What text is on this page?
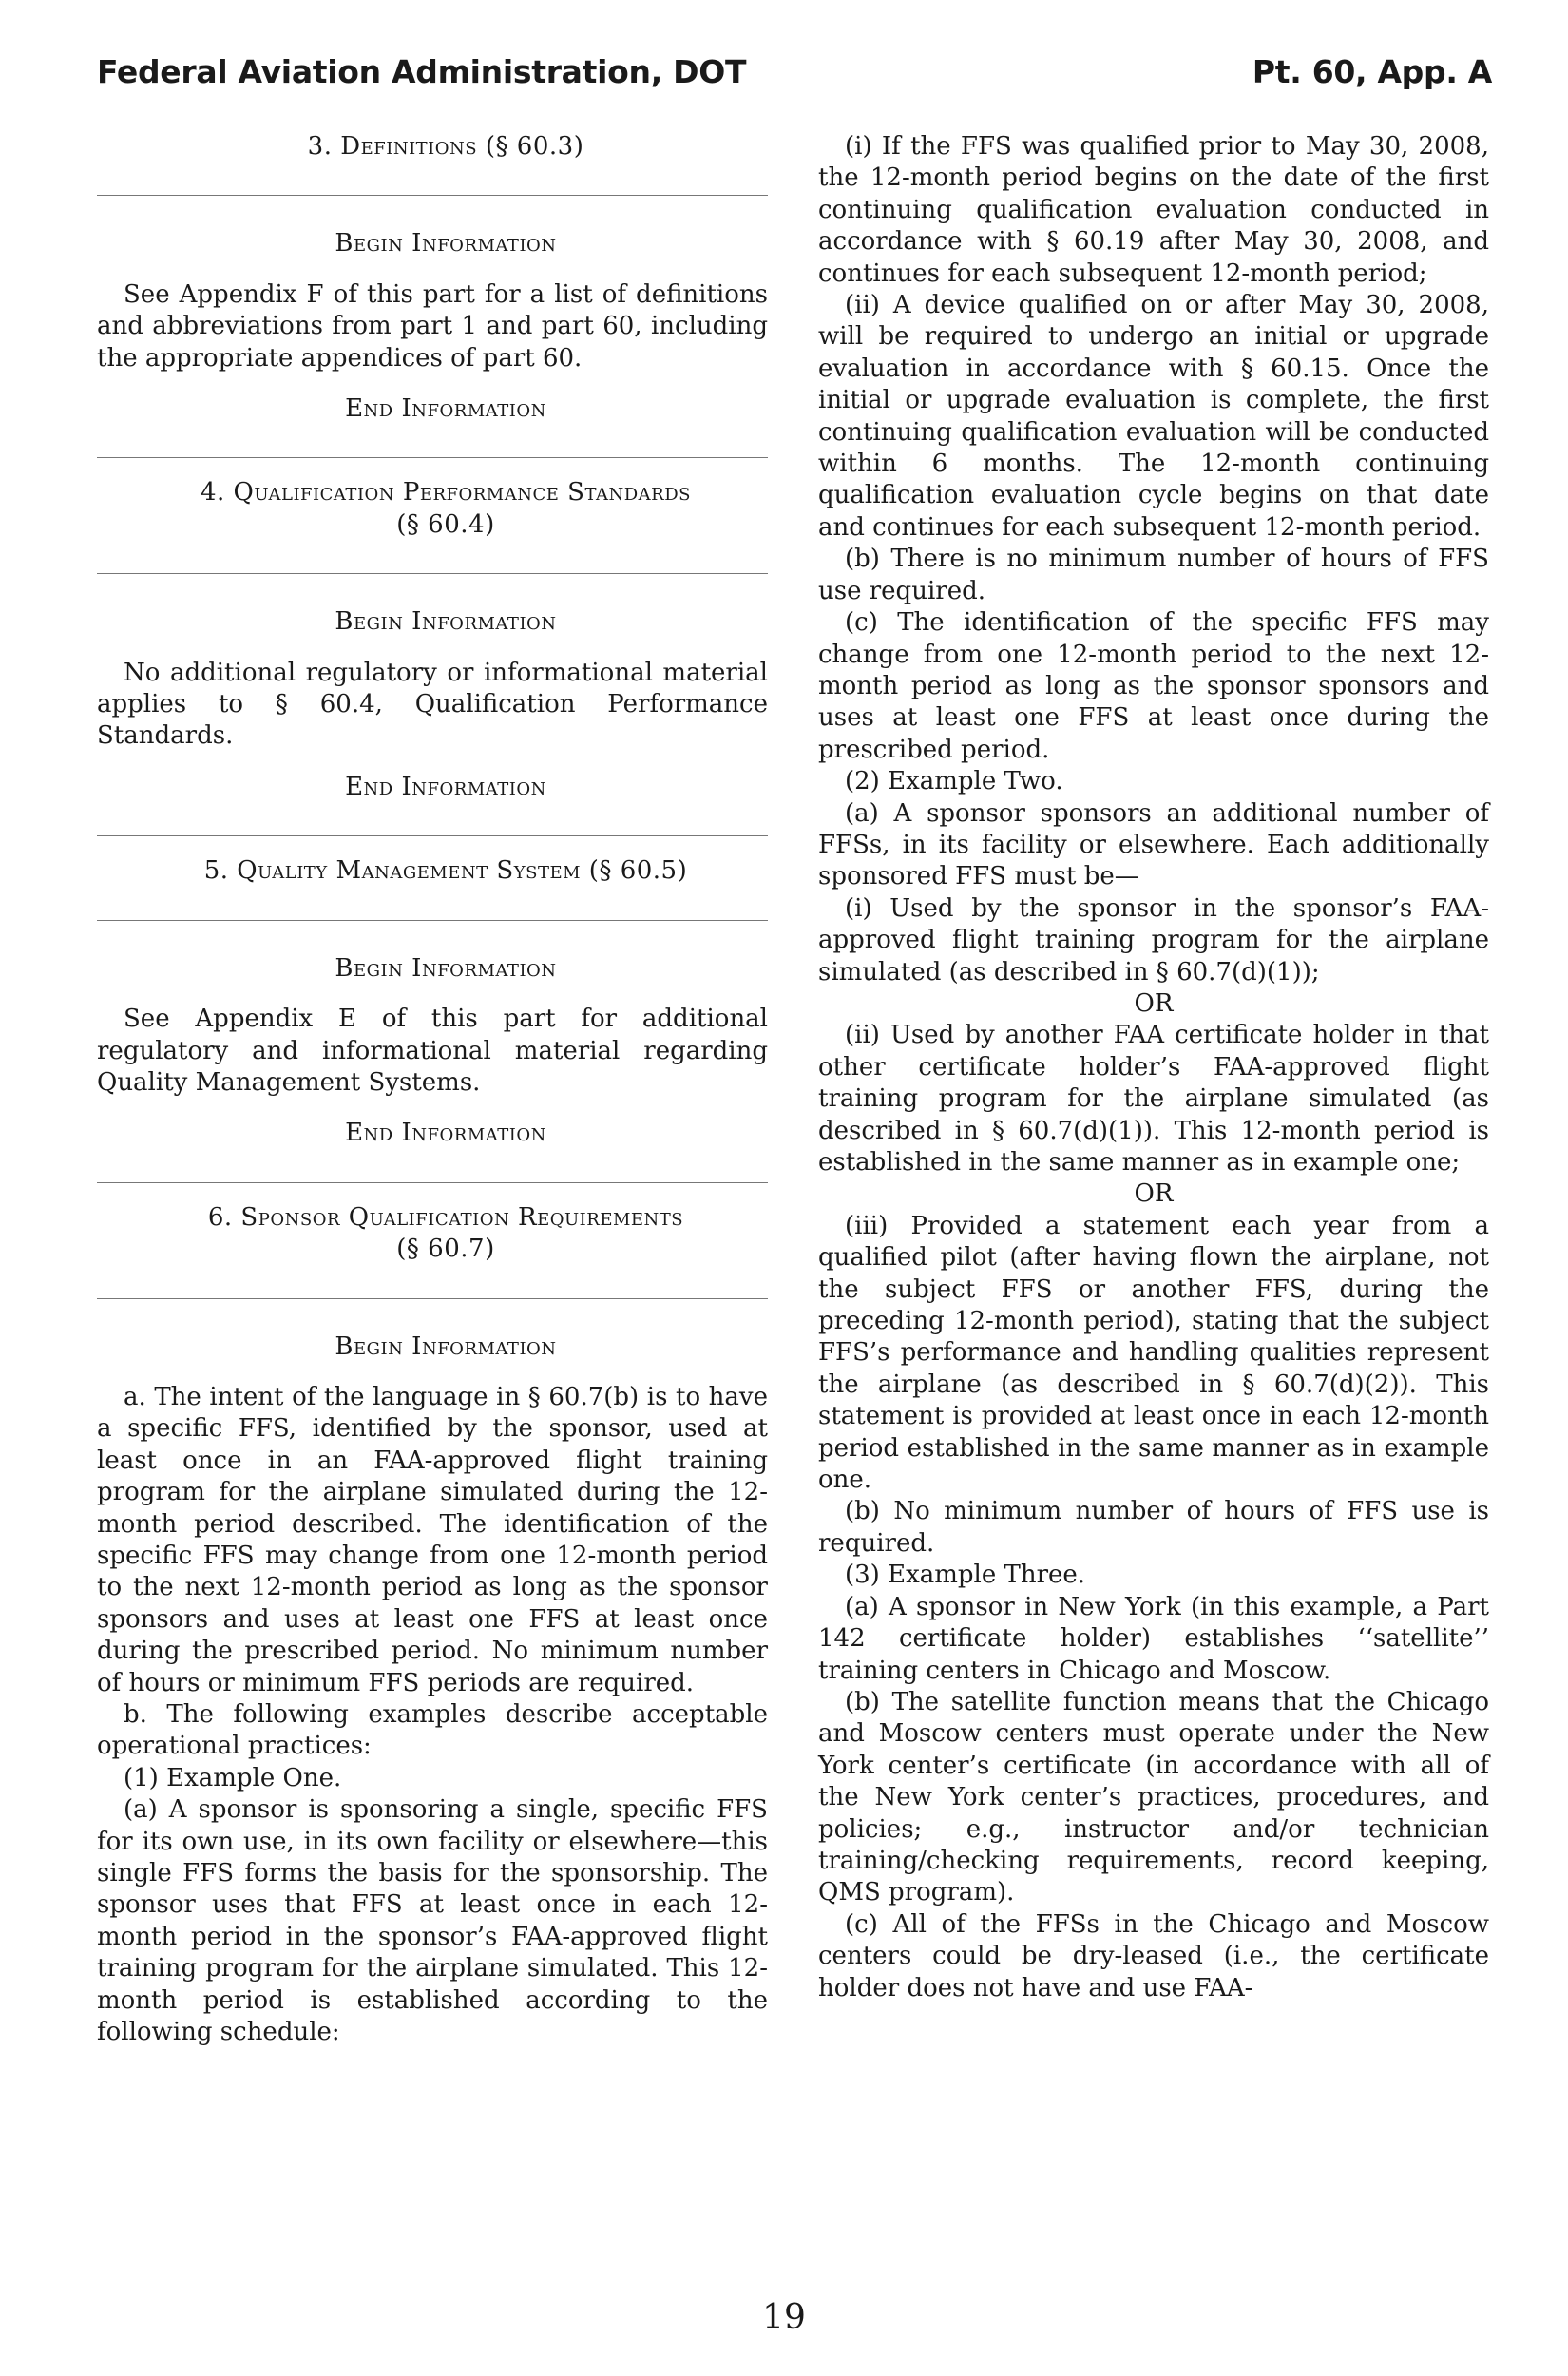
Federal Aviation Administration, DOT	Pt. 60, App. A

3. Definitions (§ 60.3)

Begin Information

See Appendix F of this part for a list of definitions and abbreviations from part 1 and part 60, including the appropriate appendices of part 60.

End Information

4. Qualification Performance Standards

(§ 60.4)

Begin Information

No additional regulatory or informational material applies to § 60.4, Qualification Performance Standards.

End Information

5. Quality Management System (§ 60.5)

Begin Information

See Appendix E of this part for additional regulatory and informational material regarding Quality Management Systems.

End Information

6. Sponsor Qualification Requirements

(§ 60.7)

Begin Information

a. The intent of the language in § 60.7(b) is to have a specific FFS, identified by the sponsor, used at least once in an FAA-approved flight training program for the airplane simulated during the 12-month period described. The identification of the specific FFS may change from one 12-month period to the next 12-month period as long as the sponsor sponsors and uses at least one FFS at least once during the prescribed period. No minimum number of hours or minimum FFS periods are required.

b. The following examples describe acceptable operational practices:

(1) Example One.

(a) A sponsor is sponsoring a single, specific FFS for its own use, in its own facility or elsewhere—this single FFS forms the basis for the sponsorship. The sponsor uses that FFS at least once in each 12-month period in the sponsor’s FAA-approved flight training program for the airplane simulated. This 12-month period is established according to the following schedule:

(i) If the FFS was qualified prior to May 30, 2008, the 12-month period begins on the date of the first continuing qualification evaluation conducted in accordance with § 60.19 after May 30, 2008, and continues for each subsequent 12-month period;

(ii) A device qualified on or after May 30, 2008, will be required to undergo an initial or upgrade evaluation in accordance with § 60.15. Once the initial or upgrade evaluation is complete, the first continuing qualification evaluation will be conducted within 6 months. The 12-month continuing qualification evaluation cycle begins on that date and continues for each subsequent 12-month period.

(b) There is no minimum number of hours of FFS use required.

(c) The identification of the specific FFS may change from one 12-month period to the next 12-month period as long as the sponsor sponsors and uses at least one FFS at least once during the prescribed period.

(2) Example Two.

(a) A sponsor sponsors an additional number of FFSs, in its facility or elsewhere. Each additionally sponsored FFS must be—

(i) Used by the sponsor in the sponsor’s FAA-approved flight training program for the airplane simulated (as described in § 60.7(d)(1));

OR

(ii) Used by another FAA certificate holder in that other certificate holder’s FAA-approved flight training program for the airplane simulated (as described in § 60.7(d)(1)). This 12-month period is established in the same manner as in example one;

OR

(iii) Provided a statement each year from a qualified pilot (after having flown the airplane, not the subject FFS or another FFS, during the preceding 12-month period), stating that the subject FFS’s performance and handling qualities represent the airplane (as described in § 60.7(d)(2)). This statement is provided at least once in each 12-month period established in the same manner as in example one.

(b) No minimum number of hours of FFS use is required.

(3) Example Three.

(a) A sponsor in New York (in this example, a Part 142 certificate holder) establishes ‘‘satellite’’ training centers in Chicago and Moscow.

(b) The satellite function means that the Chicago and Moscow centers must operate under the New York center’s certificate (in accordance with all of the New York center’s practices, procedures, and policies; e.g., instructor and/or technician training/checking requirements, record keeping, QMS program).

(c) All of the FFSs in the Chicago and Moscow centers could be dry-leased (i.e., the certificate holder does not have and use FAA-

19
